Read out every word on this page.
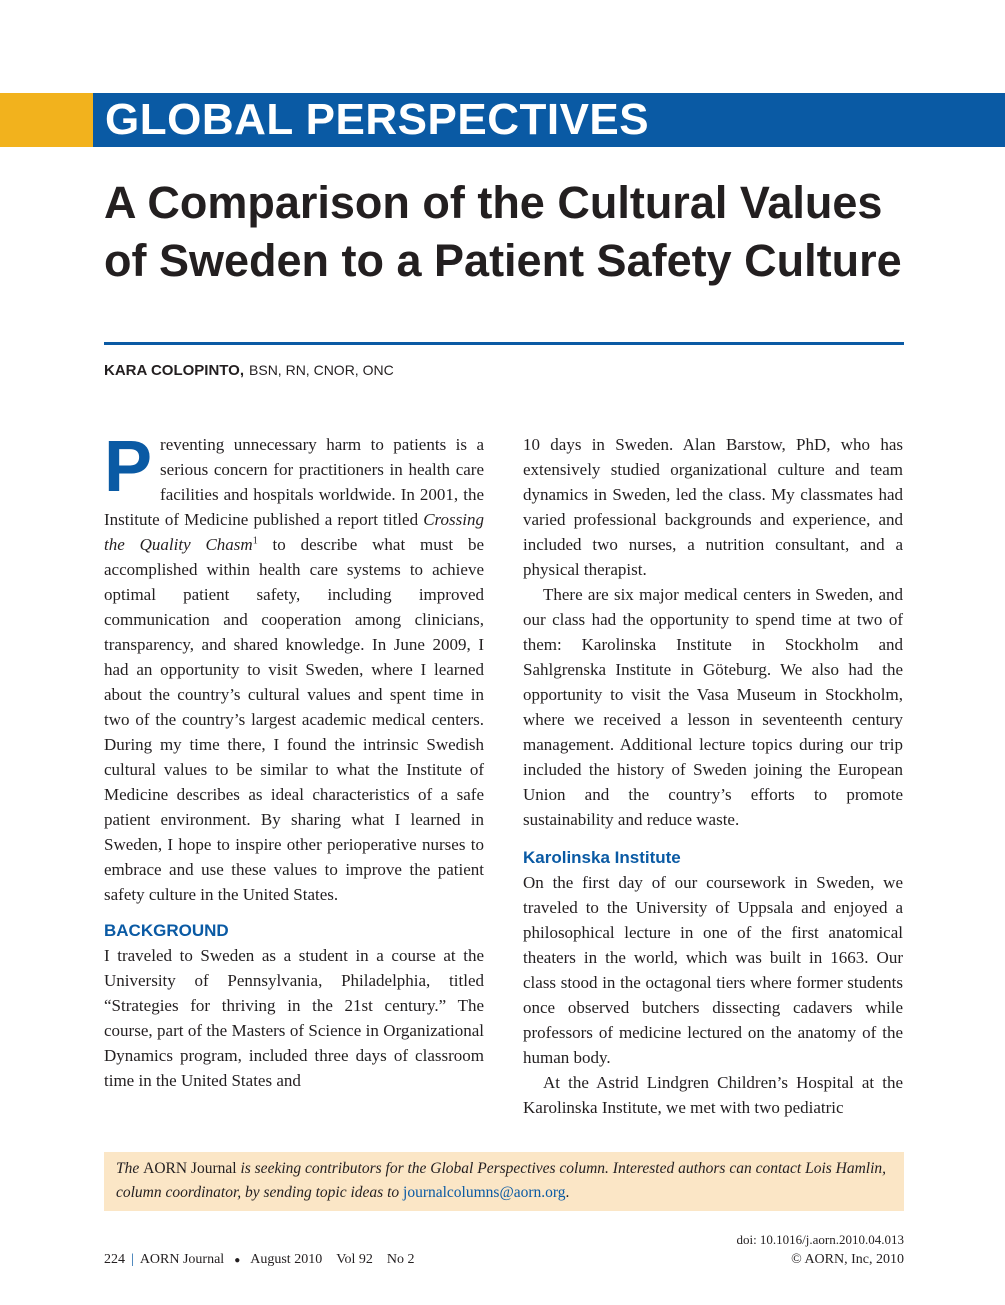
GLOBAL PERSPECTIVES
A Comparison of the Cultural Values of Sweden to a Patient Safety Culture
KARA COLOPINTO, BSN, RN, CNOR, ONC

Preventing unnecessary harm to patients is a serious concern for practitioners in health care facilities and hospitals worldwide. In 2001, the Institute of Medicine published a report titled Crossing the Quality Chasm$^1$ to describe what must be accomplished within health care systems to achieve optimal patient safety, including improved communication and cooperation among clinicians, transparency, and shared knowledge. In June 2009, I had an opportunity to visit Sweden, where I learned about the country’s cultural values and spent time in two of the country’s largest academic medical centers. During my time there, I found the intrinsic Swedish cultural values to be similar to what the Institute of Medicine describes as ideal characteristics of a safe patient environment. By sharing what I learned in Sweden, I hope to inspire other perioperative nurses to embrace and use these values to improve the patient safety culture in the United States.

BACKGROUND

I traveled to Sweden as a student in a course at the University of Pennsylvania, Philadelphia, titled “Strategies for thriving in the 21st century.” The course, part of the Masters of Science in Organizational Dynamics program, included three days of classroom time in the United States and

10 days in Sweden. Alan Barstow, PhD, who has extensively studied organizational culture and team dynamics in Sweden, led the class. My classmates had varied professional backgrounds and experience, and included two nurses, a nutrition consultant, and a physical therapist.

There are six major medical centers in Sweden, and our class had the opportunity to spend time at two of them: Karolinska Institute in Stockholm and Sahlgrenska Institute in Göteburg. We also had the opportunity to visit the Vasa Museum in Stockholm, where we received a lesson in seventeenth century management. Additional lecture topics during our trip included the history of Sweden joining the European Union and the country’s efforts to promote sustainability and reduce waste.

Karolinska Institute

On the first day of our coursework in Sweden, we traveled to the University of Uppsala and enjoyed a philosophical lecture in one of the first anatomical theaters in the world, which was built in 1663. Our class stood in the octagonal tiers where former students once observed butchers dissecting cadavers while professors of medicine lectured on the anatomy of the human body.

At the Astrid Lindgren Children’s Hospital at the Karolinska Institute, we met with two pediatric

The AORN Journal is seeking contributors for the Global Perspectives column. Interested authors can contact Lois Hamlin, column coordinator, by sending topic ideas to journalcolumns@aorn.org.
224 | AORN Journal ● August 2010 Vol 92 No 2
doi: 10.1016/j.aorn.2010.04.013
© AORN, Inc, 2010
